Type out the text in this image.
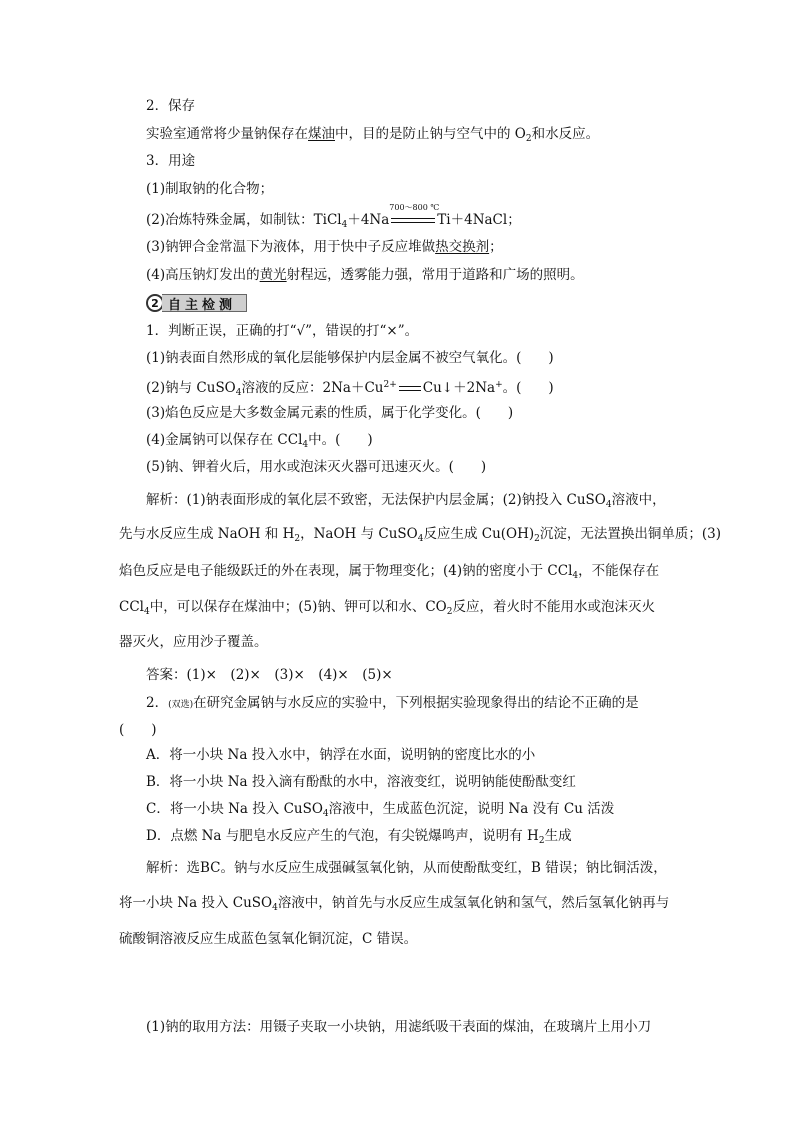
2．保存
实验室通常将少量钠保存在煤油中，目的是防止钠与空气中的 $O_2$和水反应。
3．用途
(1)制取钠的化合物；
(2)冶炼特殊金属，如制钛：TiCl$_4$＋4Na
700～800 ℃
Ti＋4NaCl；
(3)钠钾合金常温下为液体，用于快中子反应堆做热交换剂；
(4)高压钠灯发出的黄光射程远，透雾能力强，常用于道路和广场的照明。
2 自主检测
1．判断正误，正确的打“√”，错误的打“×”。
(1)钠表面自然形成的氧化层能够保护内层金属不被空气氧化。(　　)
(2)钠与 CuSO$_4$溶液的反应：$2Na+Cu^{2+}$ Cu↓＋2Na+。(　　)
(3)焰色反应是大多数金属元素的性质，属于化学变化。(　　)
(4)金属钠可以保存在 CCl$_4$中。(　　)
(5)钠、钾着火后，用水或泡沫灭火器可迅速灭火。(　　)
解析：(1)钠表面形成的氧化层不致密，无法保护内层金属；(2)钠投入 CuSO$_4$溶液中，
先与水反应生成 NaOH 和 $H_2$，NaOH 与 CuSO$_4$反应生成 $Cu(OH)_2$沉淀，无法置换出铜单质；(3)
焰色反应是电子能级跃迁的外在表现，属于物理变化；(4)钠的密度小于 CCl$_4$，不能保存在
CCl$_4$中，可以保存在煤油中；(5)钠、钾可以和水、$CO_2$反应，着火时不能用水或泡沫灭火
器灭火，应用沙子覆盖。
答案：(1)×　(2)×　(3)×　(4)×　(5)×
2．(双选)在研究金属钠与水反应的实验中，下列根据实验现象得出的结论不正确的是
(　　)
A．将一小块 Na 投入水中，钠浮在水面，说明钠的密度比水的小
B．将一小块 Na 投入滴有酚酞的水中，溶液变红，说明钠能使酚酞变红
C．将一小块 Na 投入 CuSO$_4$溶液中，生成蓝色沉淀，说明 Na 没有 Cu 活泼
D．点燃 Na 与肥皂水反应产生的气泡，有尖锐爆鸣声，说明有 $H_2$生成
解析：选BC。钠与水反应生成强碱氢氧化钠，从而使酚酞变红，B 错误；钠比铜活泼，
将一小块 Na 投入 CuSO$_4$溶液中，钠首先与水反应生成氢氧化钠和氢气，然后氢氧化钠再与
硫酸铜溶液反应生成蓝色氢氧化铜沉淀，C 错误。
(1)钠的取用方法：用镊子夹取一小块钠，用滤纸吸干表面的煤油，在玻璃片上用小刀
